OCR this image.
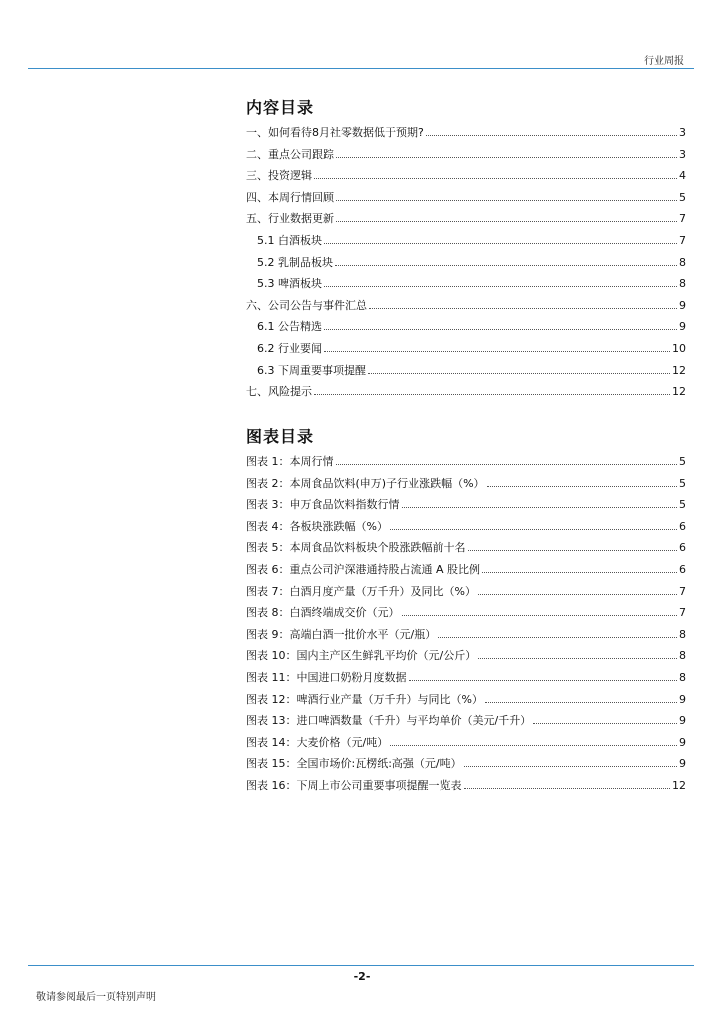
行业周报
内容目录
一、如何看待8月社零数据低于预期?	3
二、重点公司跟踪	3
三、投资逻辑	4
四、本周行情回顾	5
五、行业数据更新	7
5.1 白酒板块	7
5.2 乳制品板块	8
5.3 啤酒板块	8
六、公司公告与事件汇总	9
6.1 公告精选	9
6.2 行业要闻	10
6.3 下周重要事项提醒	12
七、风险提示	12
图表目录
图表 1：本周行情	5
图表 2：本周食品饮料(申万)子行业涨跌幅（%）	5
图表 3：申万食品饮料指数行情	5
图表 4：各板块涨跌幅（%）	6
图表 5：本周食品饮料板块个股涨跌幅前十名	6
图表 6：重点公司沪深港通持股占流通 A 股比例	6
图表 7：白酒月度产量（万千升）及同比（%）	7
图表 8：白酒终端成交价（元）	7
图表 9：高端白酒一批价水平（元/瓶）	8
图表 10：国内主产区生鲜乳平均价（元/公斤）	8
图表 11：中国进口奶粉月度数据	8
图表 12：啤酒行业产量（万千升）与同比（%）	9
图表 13：进口啤酒数量（千升）与平均单价（美元/千升）	9
图表 14：大麦价格（元/吨）	9
图表 15：全国市场价:瓦楞纸:高强（元/吨）	9
图表 16：下周上市公司重要事项提醒一览表	12
-2-
敬请参阅最后一页特别声明
